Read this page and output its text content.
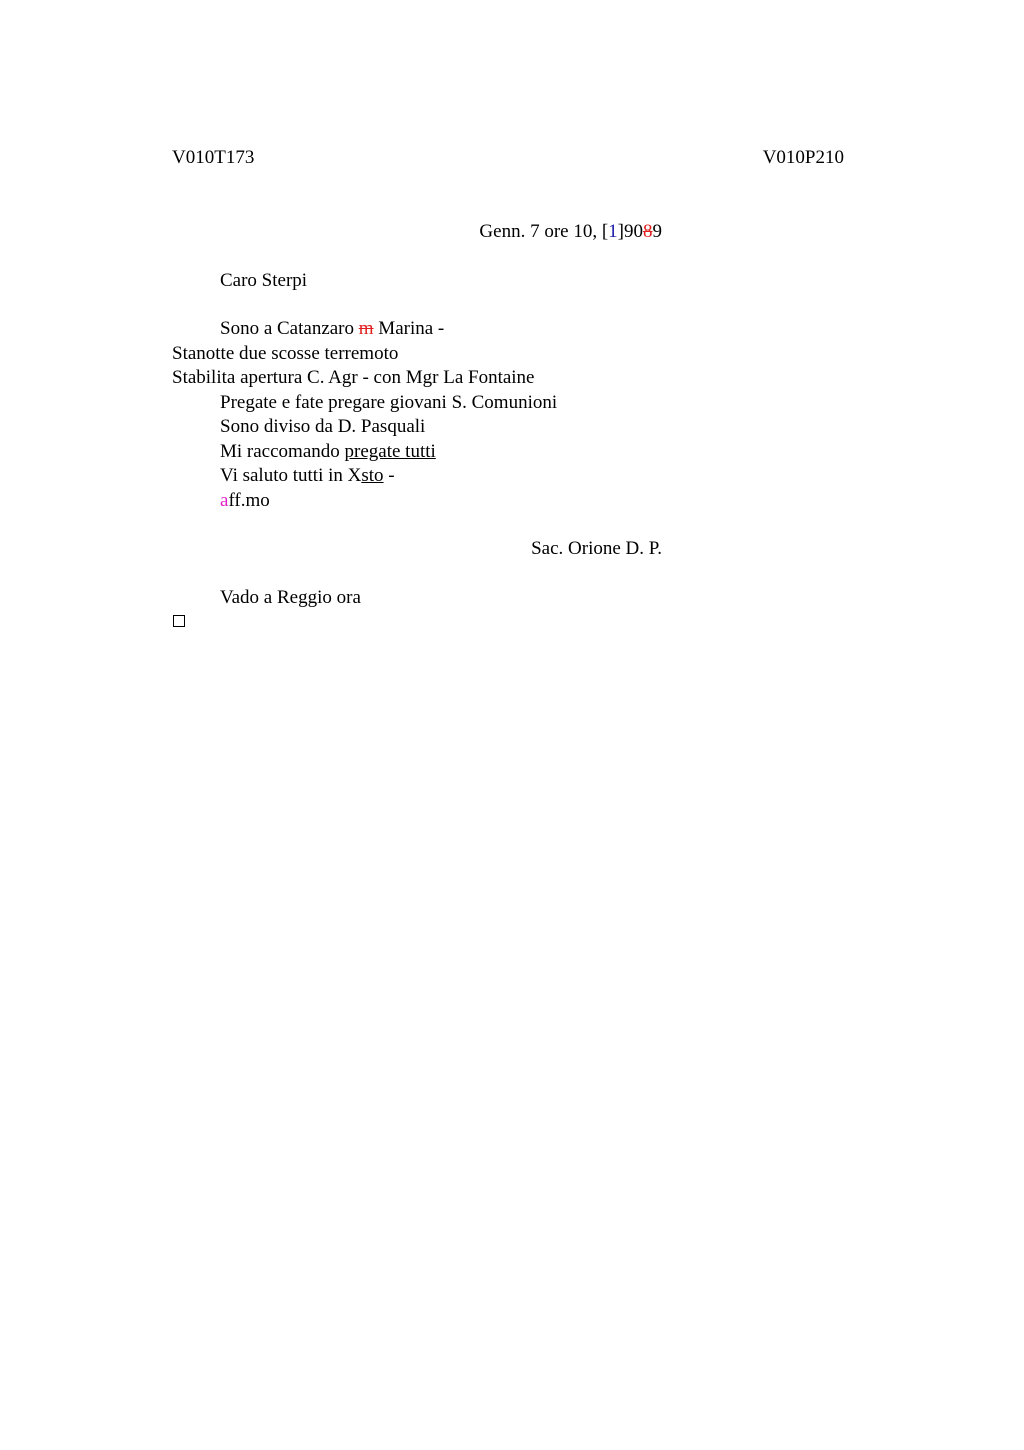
V010T173	V010P210
Genn. 7 ore 10, [1]9089
Caro Sterpi
Sono a Catanzaro m Marina -
Stanotte due scosse terremoto
Stabilita apertura C. Agr - con Mgr La Fontaine
Pregate e fate pregare giovani S. Comunioni
Sono diviso da D. Pasquali
Mi raccomando pregate tutti
Vi saluto tutti in Xsto -
aff.mo
Sac. Orione D. P.
Vado a Reggio ora
